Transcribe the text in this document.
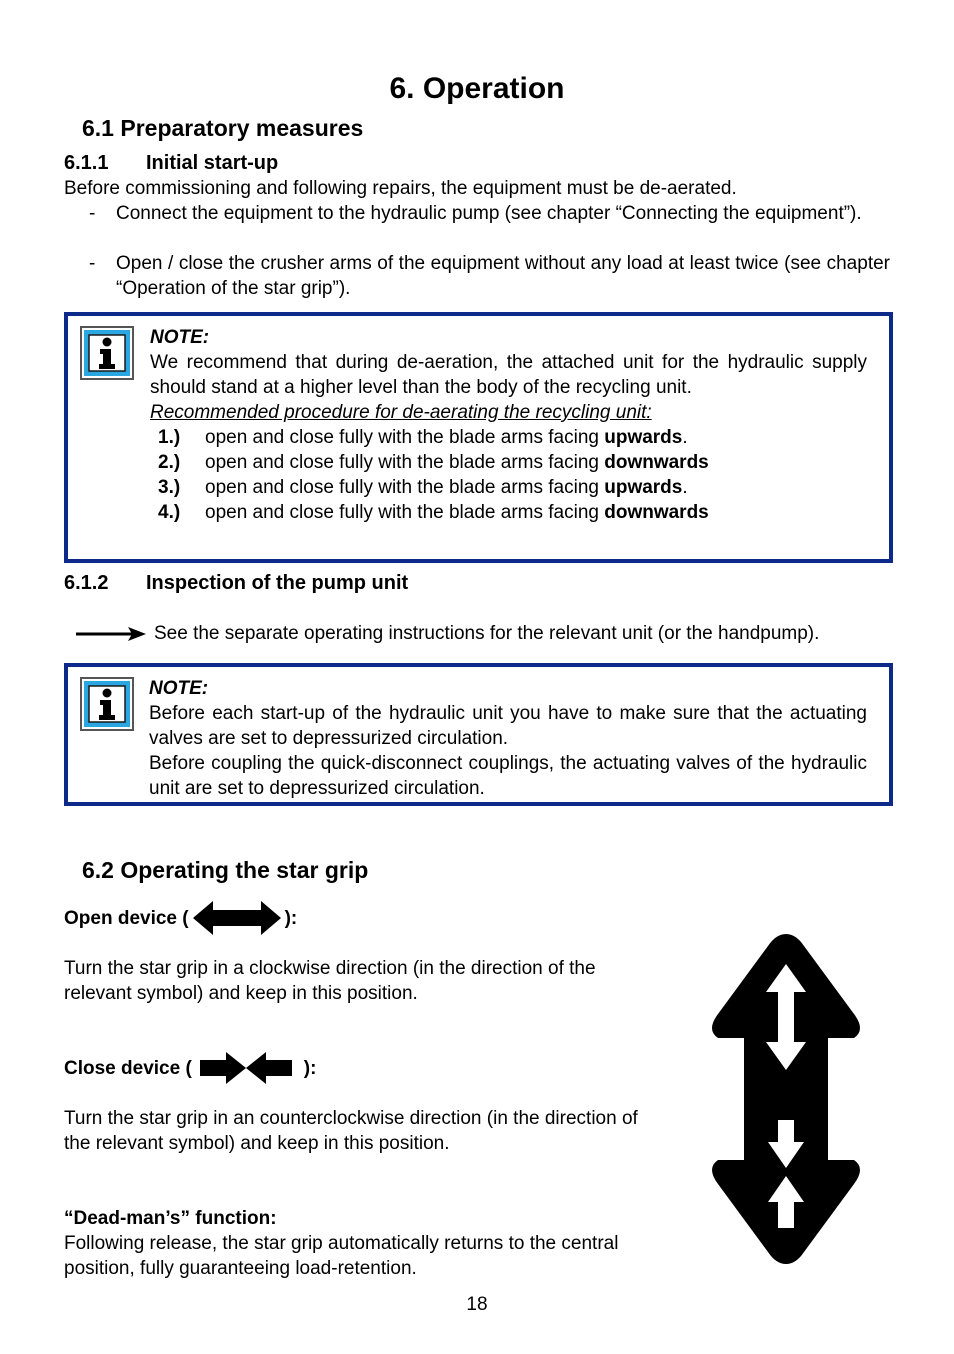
6. Operation
6.1 Preparatory measures
6.1.1 Initial start-up
Before commissioning and following repairs, the equipment must be de-aerated.
-	Connect the equipment to the hydraulic pump (see chapter “Connecting the equipment”).
-	Open / close the crusher arms of the equipment without any load at least twice (see chapter “Operation of the star grip”).
NOTE:
We recommend that during de-aeration, the attached unit for the hydraulic supply should stand at a higher level than the body of the recycling unit.
Recommended procedure for de-aerating the recycling unit:
1.)	open and close fully with the blade arms facing upwards.
2.)	open and close fully with the blade arms facing downwards
3.)	open and close fully with the blade arms facing upwards.
4.)	open and close fully with the blade arms facing downwards
6.1.2 Inspection of the pump unit
See the separate operating instructions for the relevant unit (or the handpump).
NOTE:
Before each start-up of the hydraulic unit you have to make sure that the actuating valves are set to depressurized circulation.
Before coupling the quick-disconnect couplings, the actuating valves of the hydraulic unit are set to depressurized circulation.
6.2 Operating the star grip
Open device (	):
Turn the star grip in a clockwise direction (in the direction of the relevant symbol) and keep in this position.
Close device (	):
Turn the star grip in an counterclockwise direction (in the direction of the relevant symbol) and keep in this position.
“Dead-man’s” function:
Following release, the star grip automatically returns to the central position, fully guaranteeing load-retention.
18
